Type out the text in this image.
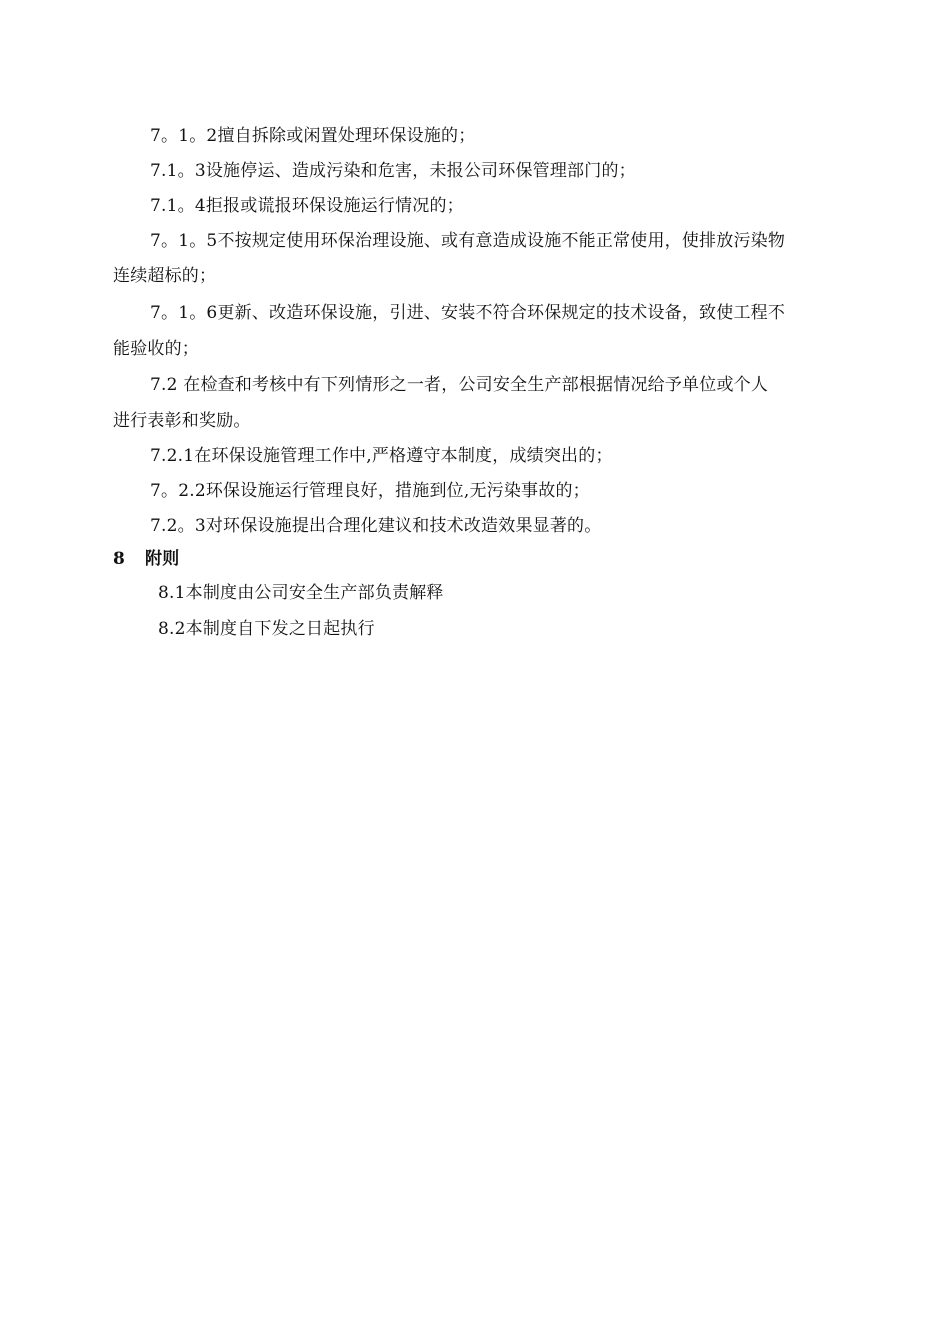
7。1。2擅自拆除或闲置处理环保设施的；
7.1。3设施停运、造成污染和危害，未报公司环保管理部门的；
7.1。4拒报或谎报环保设施运行情况的；
7。1。5不按规定使用环保治理设施、或有意造成设施不能正常使用，使排放污染物
连续超标的；
7。1。6更新、改造环保设施，引进、安装不符合环保规定的技术设备，致使工程不
能验收的；
7.2 在检查和考核中有下列情形之一者，公司安全生产部根据情况给予单位或个人
进行表彰和奖励。
7.2.1在环保设施管理工作中,严格遵守本制度，成绩突出的；
7。2.2环保设施运行管理良好，措施到位,无污染事故的；
7.2。3对环保设施提出合理化建议和技术改造效果显著的。
8 附则
8.1本制度由公司安全生产部负责解释
8.2本制度自下发之日起执行
